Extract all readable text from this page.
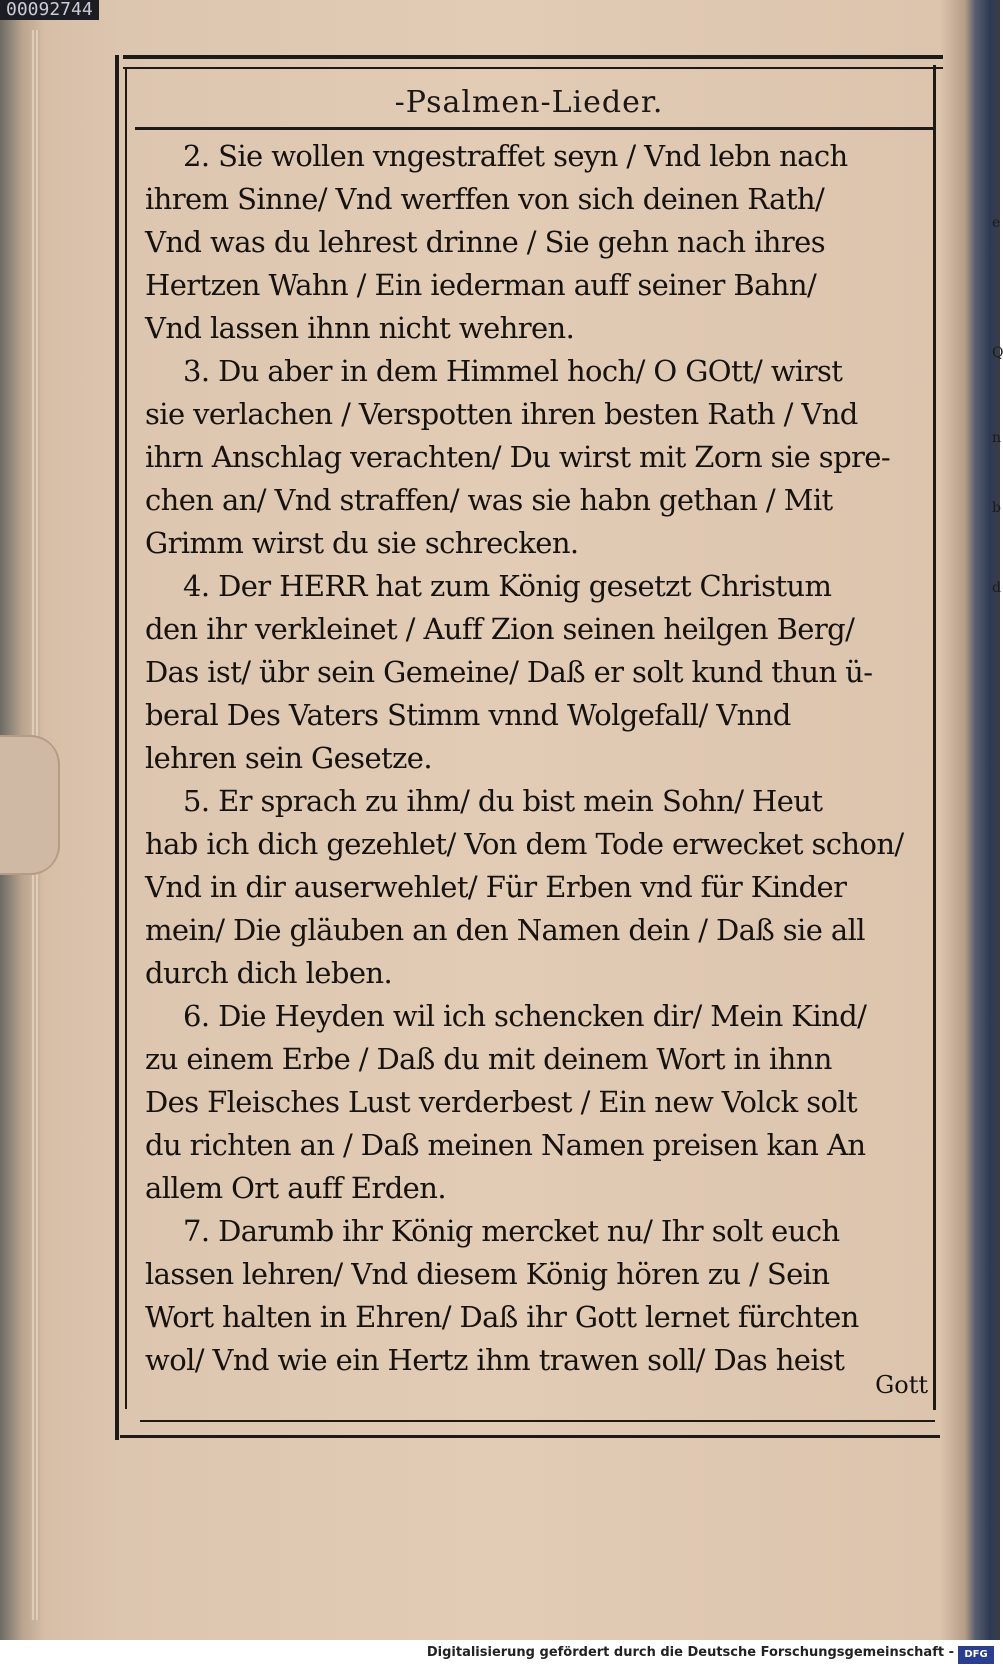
00092744
e
Q
n
b
d
-Psalmen-Lieder.
2. Sie wollen vngestraffet seyn / Vnd lebn nach
ihrem Sinne/ Vnd werffen von sich deinen Rath/
Vnd was du lehrest drinne / Sie gehn nach ihres
Hertzen Wahn / Ein iederman auff seiner Bahn/
Vnd lassen ihnn nicht wehren.
3. Du aber in dem Himmel hoch/ O GOtt/ wirst
sie verlachen / Verspotten ihren besten Rath / Vnd
ihrn Anschlag verachten/ Du wirst mit Zorn sie spre-
chen an/ Vnd straffen/ was sie habn gethan / Mit
Grimm wirst du sie schrecken.
4. Der HERR hat zum König gesetzt Christum
den ihr verkleinet / Auff Zion seinen heilgen Berg/
Das ist/ übr sein Gemeine/ Daß er solt kund thun ü-
beral Des Vaters Stimm vnnd Wolgefall/ Vnnd
lehren sein Gesetze.
5. Er sprach zu ihm/ du bist mein Sohn/ Heut
hab ich dich gezehlet/ Von dem Tode erwecket schon/
Vnd in dir auserwehlet/ Für Erben vnd für Kinder
mein/ Die gläuben an den Namen dein / Daß sie all
durch dich leben.
6. Die Heyden wil ich schencken dir/ Mein Kind/
zu einem Erbe / Daß du mit deinem Wort in ihnn
Des Fleisches Lust verderbest / Ein new Volck solt
du richten an / Daß meinen Namen preisen kan An
allem Ort auff Erden.
7. Darumb ihr König mercket nu/ Ihr solt euch
lassen lehren/ Vnd diesem König hören zu / Sein
Wort halten in Ehren/ Daß ihr Gott lernet fürchten
wol/ Vnd wie ein Hertz ihm trawen soll/ Das heist
Gott
Digitalisierung gefördert durch die Deutsche Forschungsgemeinschaft -	DFG
